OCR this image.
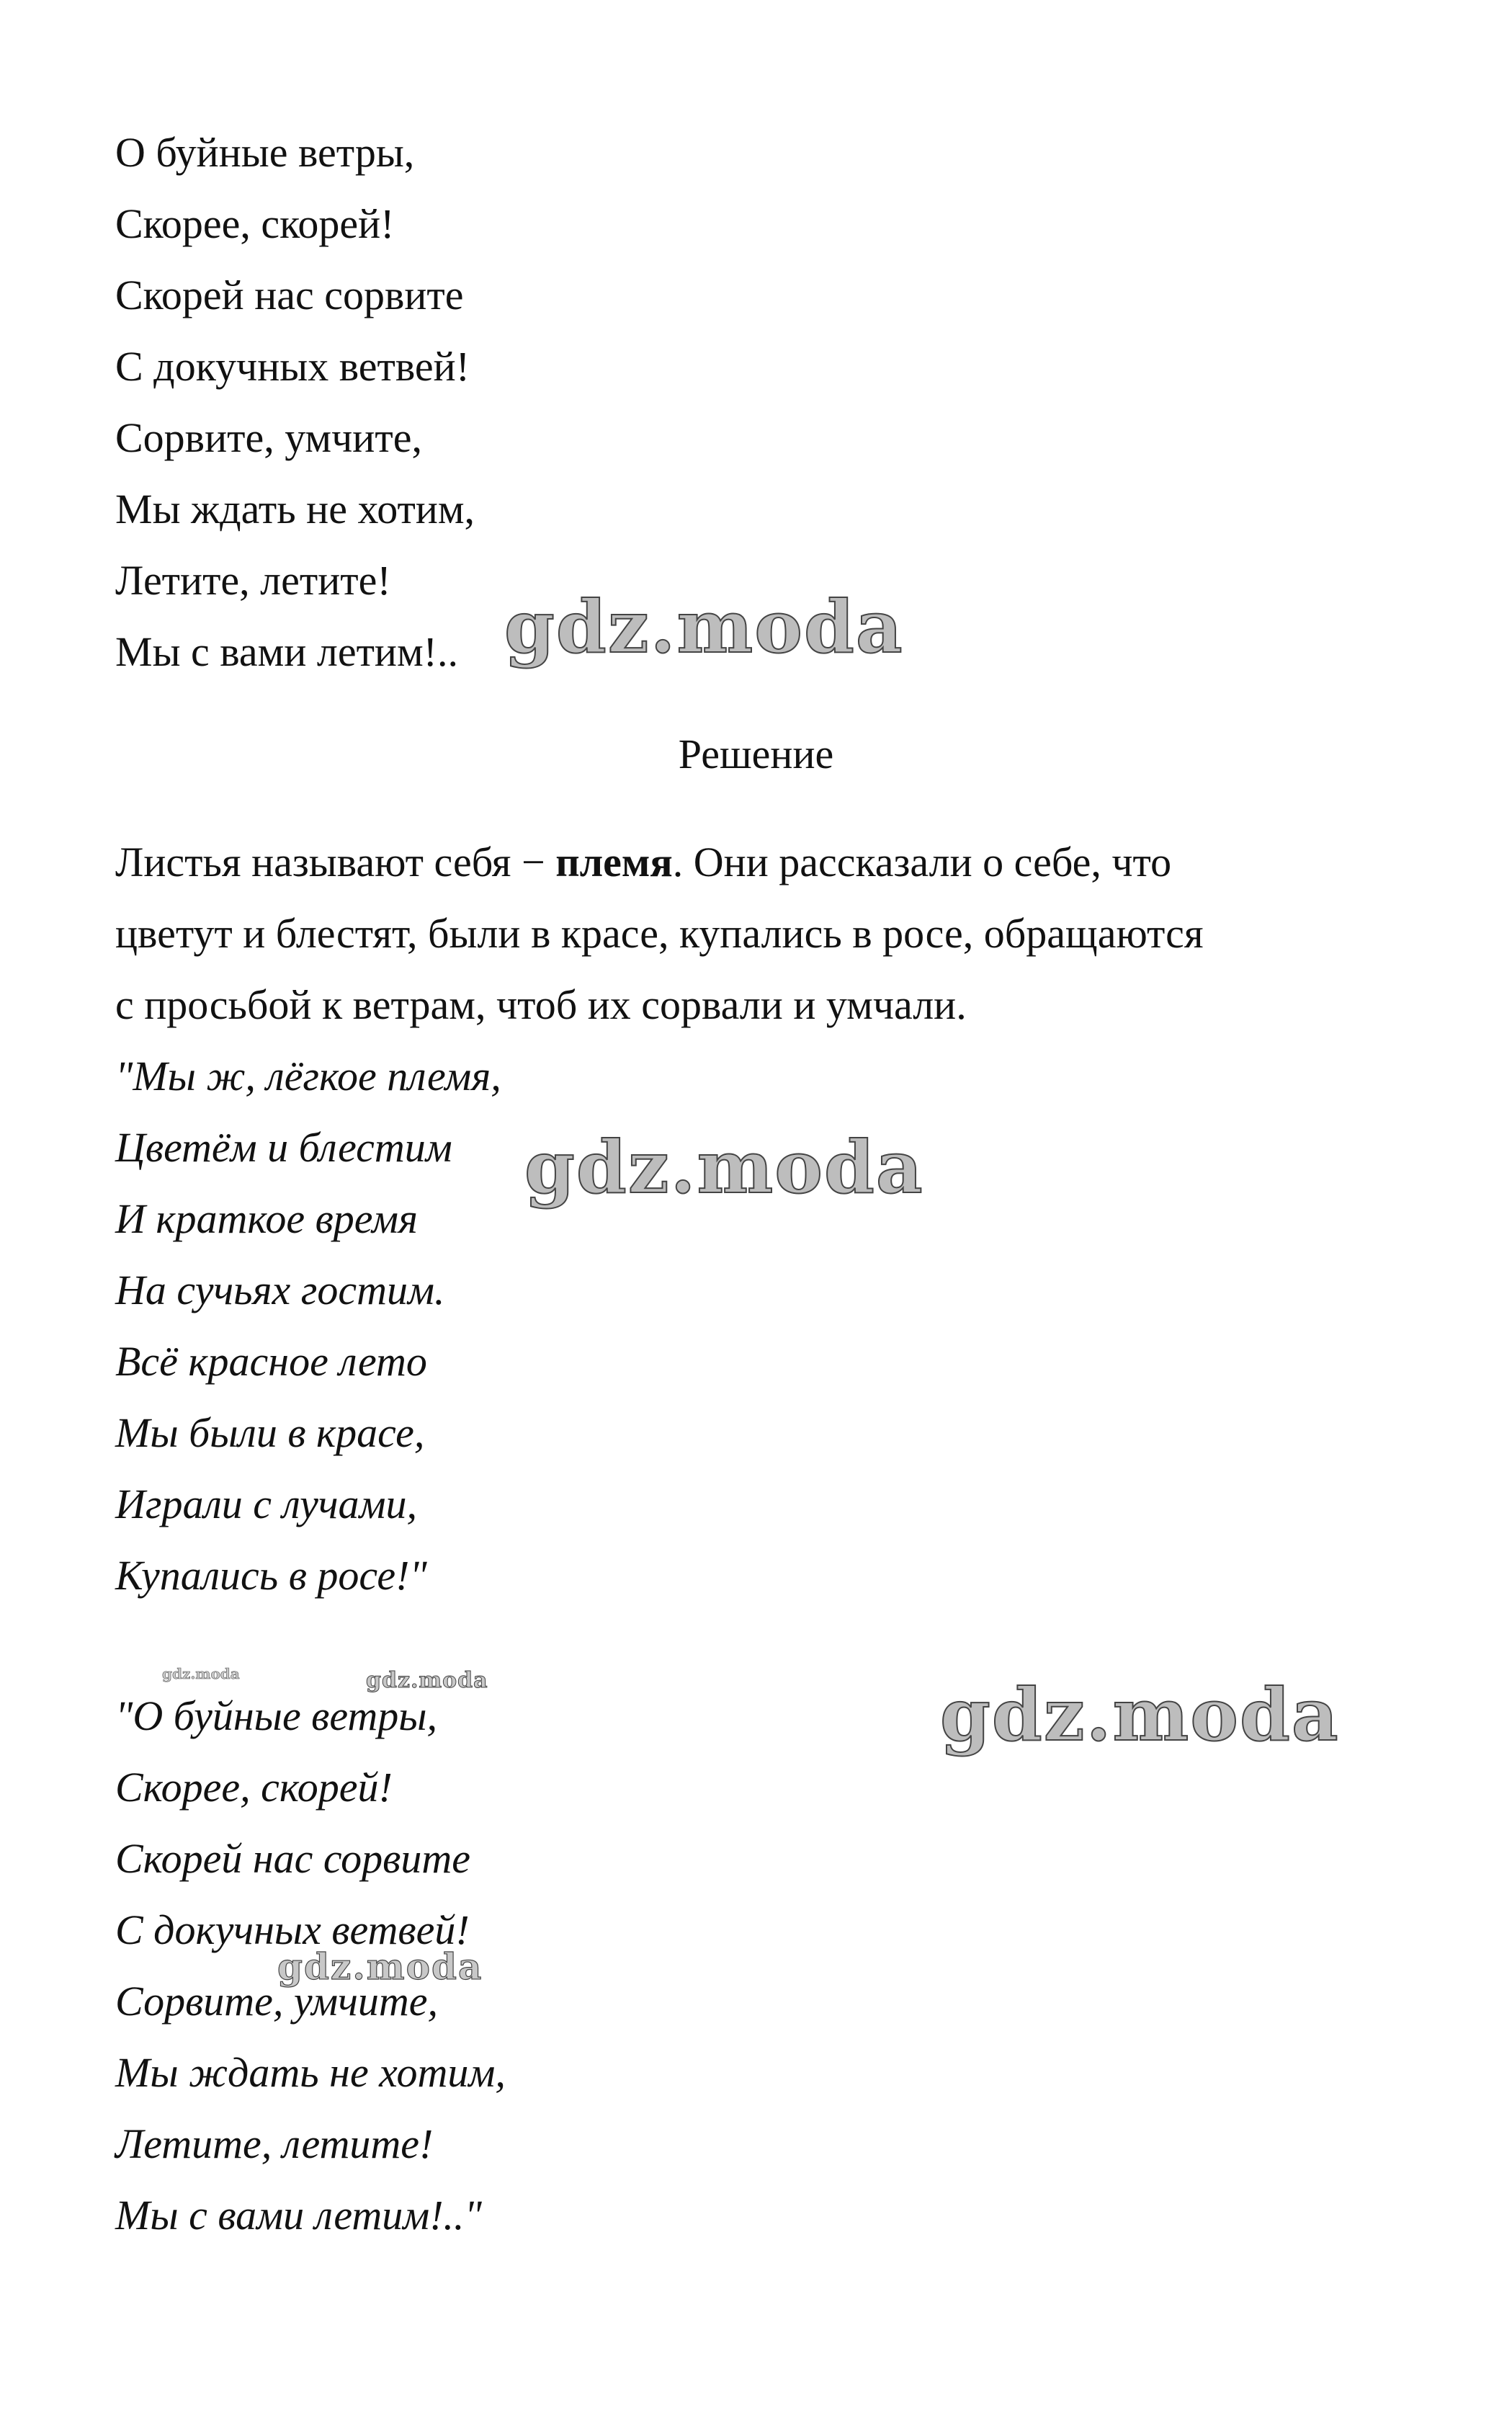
О буйные ветры,
Скорее, скорей!
Скорей нас сорвите
С докучных ветвей!
Сорвите, умчите,
Мы ждать не хотим,
Летите, летите!
Мы с вами летим!..
Решение
Листья называют себя − племя. Они рассказали о себе, что
цветут и блестят, были в красе, купались в росе, обращаются
с просьбой к ветрам, чтоб их сорвали и умчали.
"Мы ж, лёгкое племя,
Цветём и блестим
И краткое время
На сучьях гостим.
Всё красное лето
Мы были в красе,
Играли с лучами,
Купались в росе!"
"О буйные ветры,
Скорее, скорей!
Скорей нас сорвите
С докучных ветвей!
Сорвите, умчите,
Мы ждать не хотим,
Летите, летите!
Мы с вами летим!.."
gdz.moda
gdz.moda
gdz.moda
gdz.moda	gdz.moda
gdz.moda
